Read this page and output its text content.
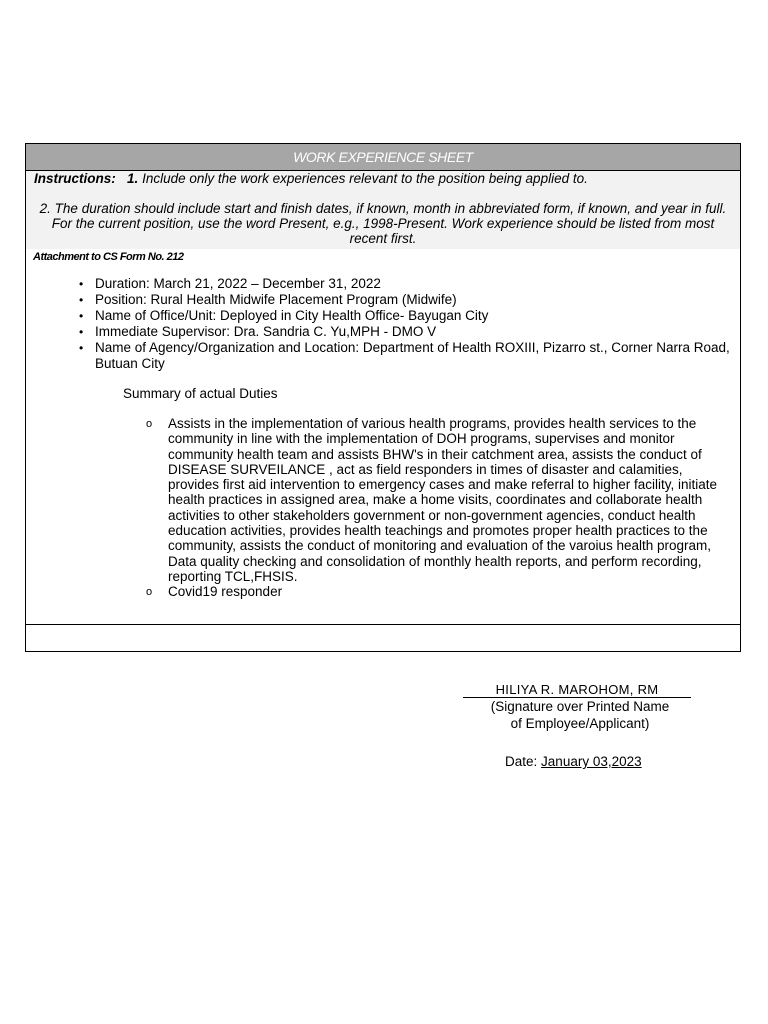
WORK EXPERIENCE SHEET
Instructions: 1. Include only the work experiences relevant to the position being applied to.
2. The duration should include start and finish dates, if known, month in abbreviated form, if known, and year in full. For the current position, use the word Present, e.g., 1998-Present. Work experience should be listed from most recent first.
Attachment to CS Form No. 212
• Duration: March 21, 2022 – December 31, 2022
• Position: Rural Health Midwife Placement Program (Midwife)
• Name of Office/Unit: Deployed in City Health Office- Bayugan City
• Immediate Supervisor: Dra. Sandria C. Yu,MPH - DMO V
• Name of Agency/Organization and Location: Department of Health ROXIII, Pizarro st., Corner Narra Road, Butuan City
Summary of actual Duties
o Assists in the implementation of various health programs, provides health services to the community in line with the implementation of DOH programs, supervises and monitor community health team and assists BHW's in their catchment area, assists the conduct of DISEASE SURVEILANCE , act as field responders in times of disaster and calamities, provides first aid intervention to emergency cases and make referral to higher facility, initiate health practices in assigned area, make a home visits, coordinates and collaborate health activities to other stakeholders government or non-government agencies, conduct health education activities, provides health teachings and promotes proper health practices to the community, assists the conduct of monitoring and evaluation of the varoius health program, Data quality checking and consolidation of monthly health reports, and perform recording, reporting TCL,FHSIS.
o Covid19 responder
HILIYA R. MAROHOM, RM
(Signature over Printed Name
of Employee/Applicant)
Date: January 03,2023
